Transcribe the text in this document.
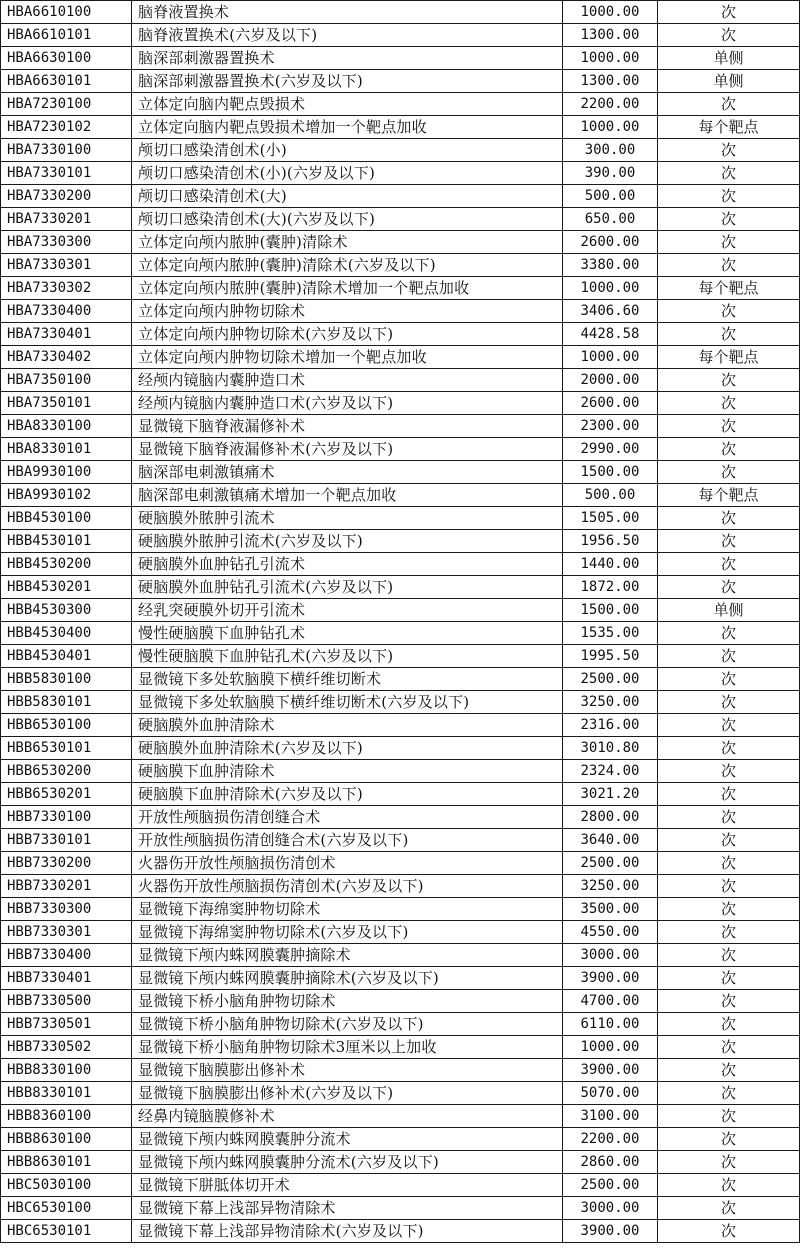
HBA6610100	脑脊液置换术	1000.00	次
HBA6610101	脑脊液置换术(六岁及以下)	1300.00	次
HBA6630100	脑深部刺激器置换术	1000.00	单侧
HBA6630101	脑深部刺激器置换术(六岁及以下)	1300.00	单侧
HBA7230100	立体定向脑内靶点毁损术	2200.00	次
HBA7230102	立体定向脑内靶点毁损术增加一个靶点加收	1000.00	每个靶点
HBA7330100	颅切口感染清创术(小)	300.00	次
HBA7330101	颅切口感染清创术(小)(六岁及以下)	390.00	次
HBA7330200	颅切口感染清创术(大)	500.00	次
HBA7330201	颅切口感染清创术(大)(六岁及以下)	650.00	次
HBA7330300	立体定向颅内脓肿(囊肿)清除术	2600.00	次
HBA7330301	立体定向颅内脓肿(囊肿)清除术(六岁及以下)	3380.00	次
HBA7330302	立体定向颅内脓肿(囊肿)清除术增加一个靶点加收	1000.00	每个靶点
HBA7330400	立体定向颅内肿物切除术	3406.60	次
HBA7330401	立体定向颅内肿物切除术(六岁及以下)	4428.58	次
HBA7330402	立体定向颅内肿物切除术增加一个靶点加收	1000.00	每个靶点
HBA7350100	经颅内镜脑内囊肿造口术	2000.00	次
HBA7350101	经颅内镜脑内囊肿造口术(六岁及以下)	2600.00	次
HBA8330100	显微镜下脑脊液漏修补术	2300.00	次
HBA8330101	显微镜下脑脊液漏修补术(六岁及以下)	2990.00	次
HBA9930100	脑深部电刺激镇痛术	1500.00	次
HBA9930102	脑深部电刺激镇痛术增加一个靶点加收	500.00	每个靶点
HBB4530100	硬脑膜外脓肿引流术	1505.00	次
HBB4530101	硬脑膜外脓肿引流术(六岁及以下)	1956.50	次
HBB4530200	硬脑膜外血肿钻孔引流术	1440.00	次
HBB4530201	硬脑膜外血肿钻孔引流术(六岁及以下)	1872.00	次
HBB4530300	经乳突硬膜外切开引流术	1500.00	单侧
HBB4530400	慢性硬脑膜下血肿钻孔术	1535.00	次
HBB4530401	慢性硬脑膜下血肿钻孔术(六岁及以下)	1995.50	次
HBB5830100	显微镜下多处软脑膜下横纤维切断术	2500.00	次
HBB5830101	显微镜下多处软脑膜下横纤维切断术(六岁及以下)	3250.00	次
HBB6530100	硬脑膜外血肿清除术	2316.00	次
HBB6530101	硬脑膜外血肿清除术(六岁及以下)	3010.80	次
HBB6530200	硬脑膜下血肿清除术	2324.00	次
HBB6530201	硬脑膜下血肿清除术(六岁及以下)	3021.20	次
HBB7330100	开放性颅脑损伤清创缝合术	2800.00	次
HBB7330101	开放性颅脑损伤清创缝合术(六岁及以下)	3640.00	次
HBB7330200	火器伤开放性颅脑损伤清创术	2500.00	次
HBB7330201	火器伤开放性颅脑损伤清创术(六岁及以下)	3250.00	次
HBB7330300	显微镜下海绵窦肿物切除术	3500.00	次
HBB7330301	显微镜下海绵窦肿物切除术(六岁及以下)	4550.00	次
HBB7330400	显微镜下颅内蛛网膜囊肿摘除术	3000.00	次
HBB7330401	显微镜下颅内蛛网膜囊肿摘除术(六岁及以下)	3900.00	次
HBB7330500	显微镜下桥小脑角肿物切除术	4700.00	次
HBB7330501	显微镜下桥小脑角肿物切除术(六岁及以下)	6110.00	次
HBB7330502	显微镜下桥小脑角肿物切除术3厘米以上加收	1000.00	次
HBB8330100	显微镜下脑膜膨出修补术	3900.00	次
HBB8330101	显微镜下脑膜膨出修补术(六岁及以下)	5070.00	次
HBB8360100	经鼻内镜脑膜修补术	3100.00	次
HBB8630100	显微镜下颅内蛛网膜囊肿分流术	2200.00	次
HBB8630101	显微镜下颅内蛛网膜囊肿分流术(六岁及以下)	2860.00	次
HBC5030100	显微镜下胼胝体切开术	2500.00	次
HBC6530100	显微镜下幕上浅部异物清除术	3000.00	次
HBC6530101	显微镜下幕上浅部异物清除术(六岁及以下)	3900.00	次
